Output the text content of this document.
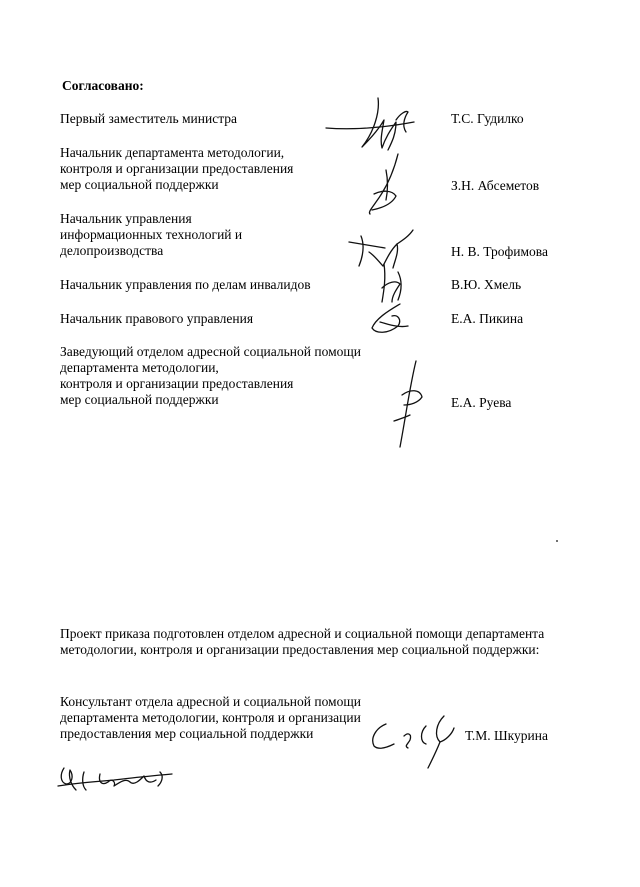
Согласовано:
Первый заместитель министра	Т.С. Гудилко
Начальник департамента методологии,
контроля и организации предоставления
мер социальной поддержки	З.Н. Абсеметов
Начальник управления
информационных технологий и
делопроизводства	Н. В. Трофимова
Начальник управления по делам инвалидов	В.Ю. Хмель
Начальник правового управления	Е.А. Пикина
Заведующий отделом адресной социальной помощи
департамента методологии,
контроля и организации предоставления
мер социальной поддержки	Е.А. Руева
Проект приказа подготовлен отделом адресной и социальной помощи департамента
методологии, контроля и организации предоставления мер социальной поддержки:
Консультант отдела адресной и социальной помощи
департамента методологии, контроля и организации
предоставления мер социальной поддержки	Т.М. Шкурина
